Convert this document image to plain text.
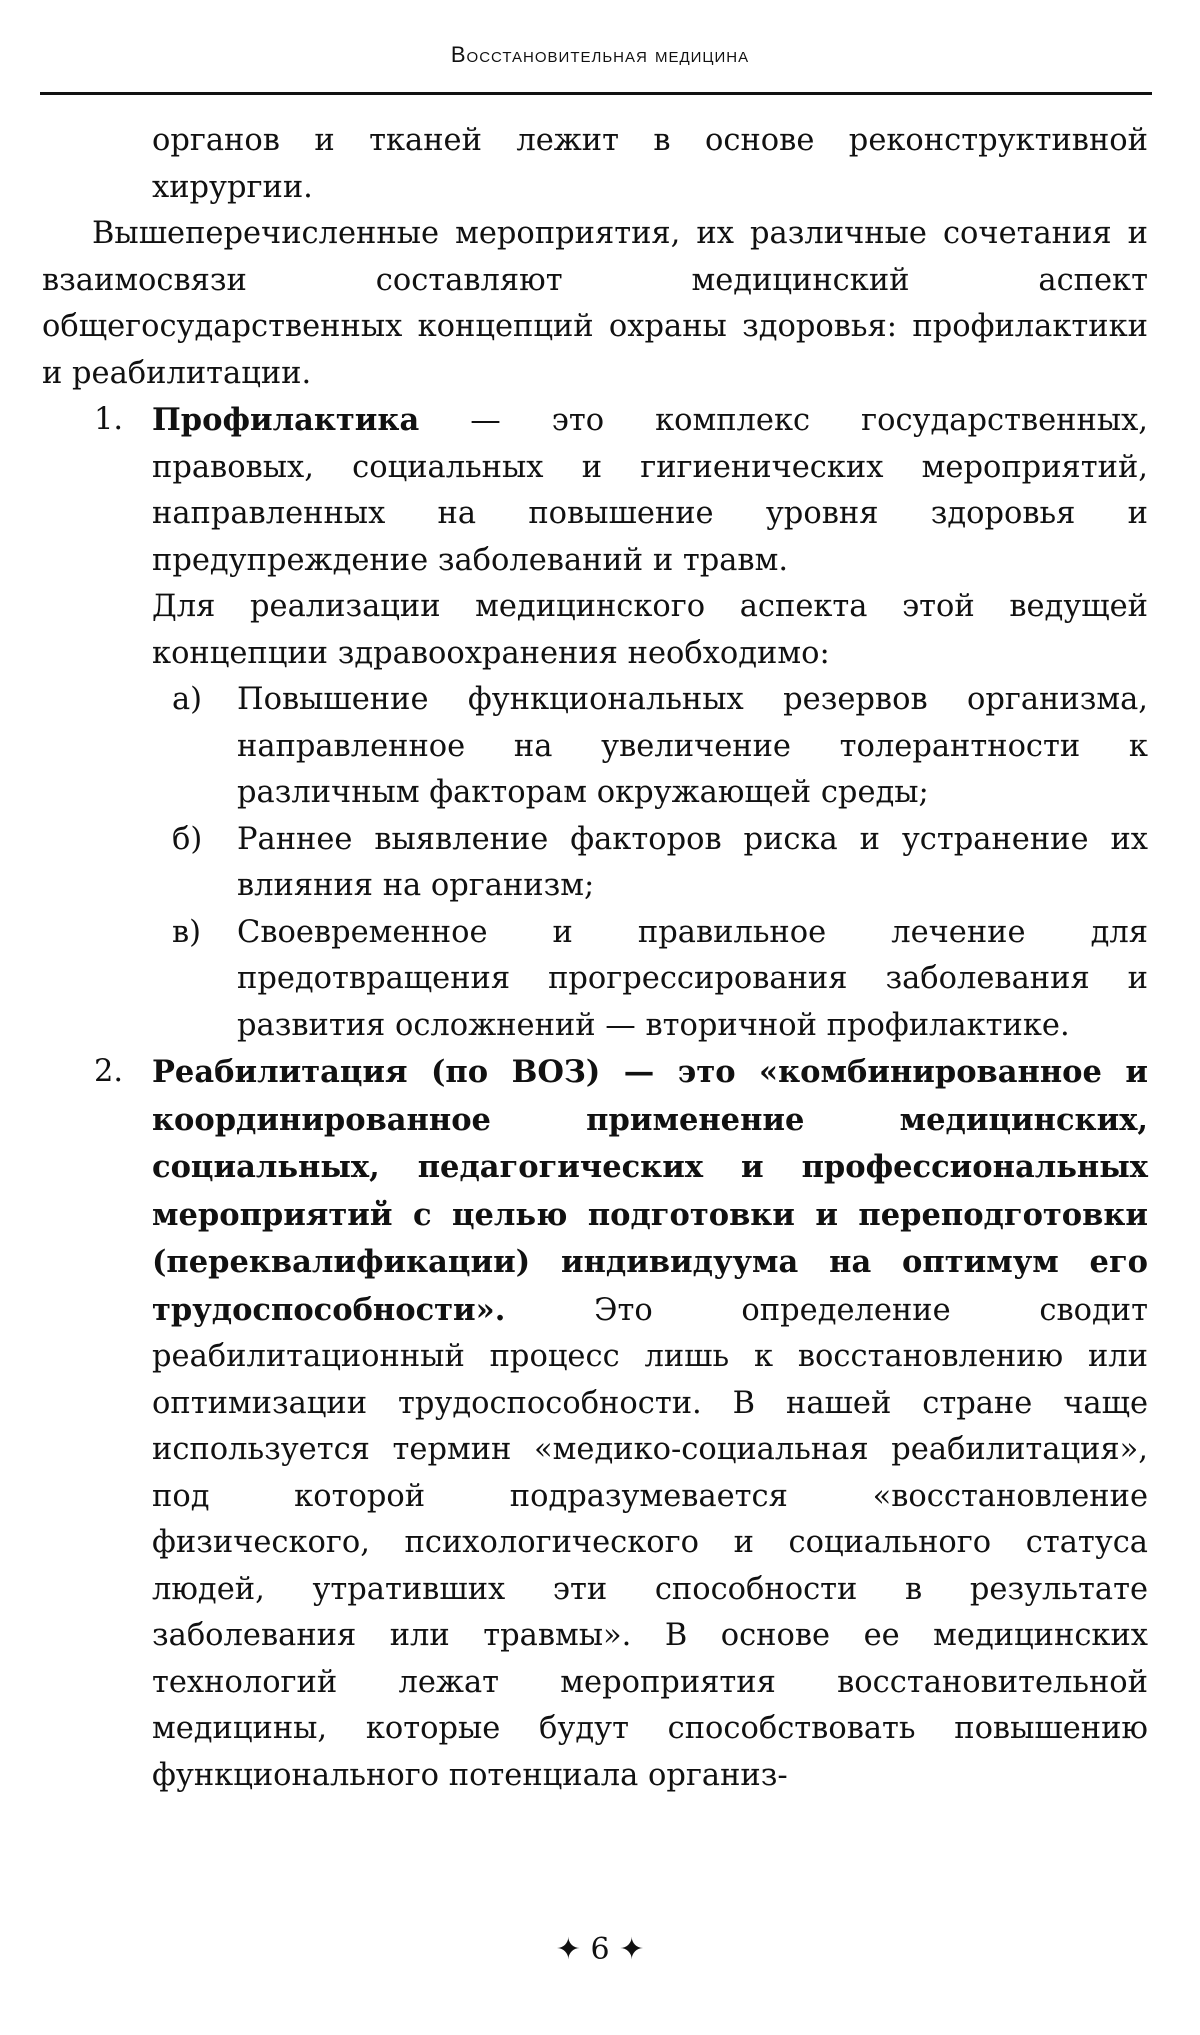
Восстановительная медицина

органов и тканей лежит в основе реконструктивной хирургии.

Вышеперечисленные мероприятия, их различные сочетания и взаимосвязи составляют медицинский аспект общегосударственных концепций охраны здоровья: профилактики и реабилитации.

1. Профилактика — это комплекс государственных, правовых, социальных и гигиенических мероприятий, направленных на повышение уровня здоровья и предупреждение заболеваний и травм.

Для реализации медицинского аспекта этой ведущей концепции здравоохранения необходимо:

а) Повышение функциональных резервов организма, направленное на увеличение толерантности к различным факторам окружающей среды;

б) Раннее выявление факторов риска и устранение их влияния на организм;

в) Своевременное и правильное лечение для предотвращения прогрессирования заболевания и развития осложнений — вторичной профилактике.

2. Реабилитация (по ВОЗ) — это «комбинированное и координированное применение медицинских, социальных, педагогических и профессиональных мероприятий с целью подготовки и переподготовки (переквалификации) индивидуума на оптимум его трудоспособности». Это определение сводит реабилитационный процесс лишь к восстановлению или оптимизации трудоспособности. В нашей стране чаще используется термин «медико-социальная реабилитация», под которой подразумевается «восстановление физического, психологического и социального статуса людей, утративших эти способности в результате заболевания или травмы». В основе ее медицинских технологий лежат мероприятия восстановительной медицины, которые будут способствовать повышению функционального потенциала организ-

✦ 6 ✦
